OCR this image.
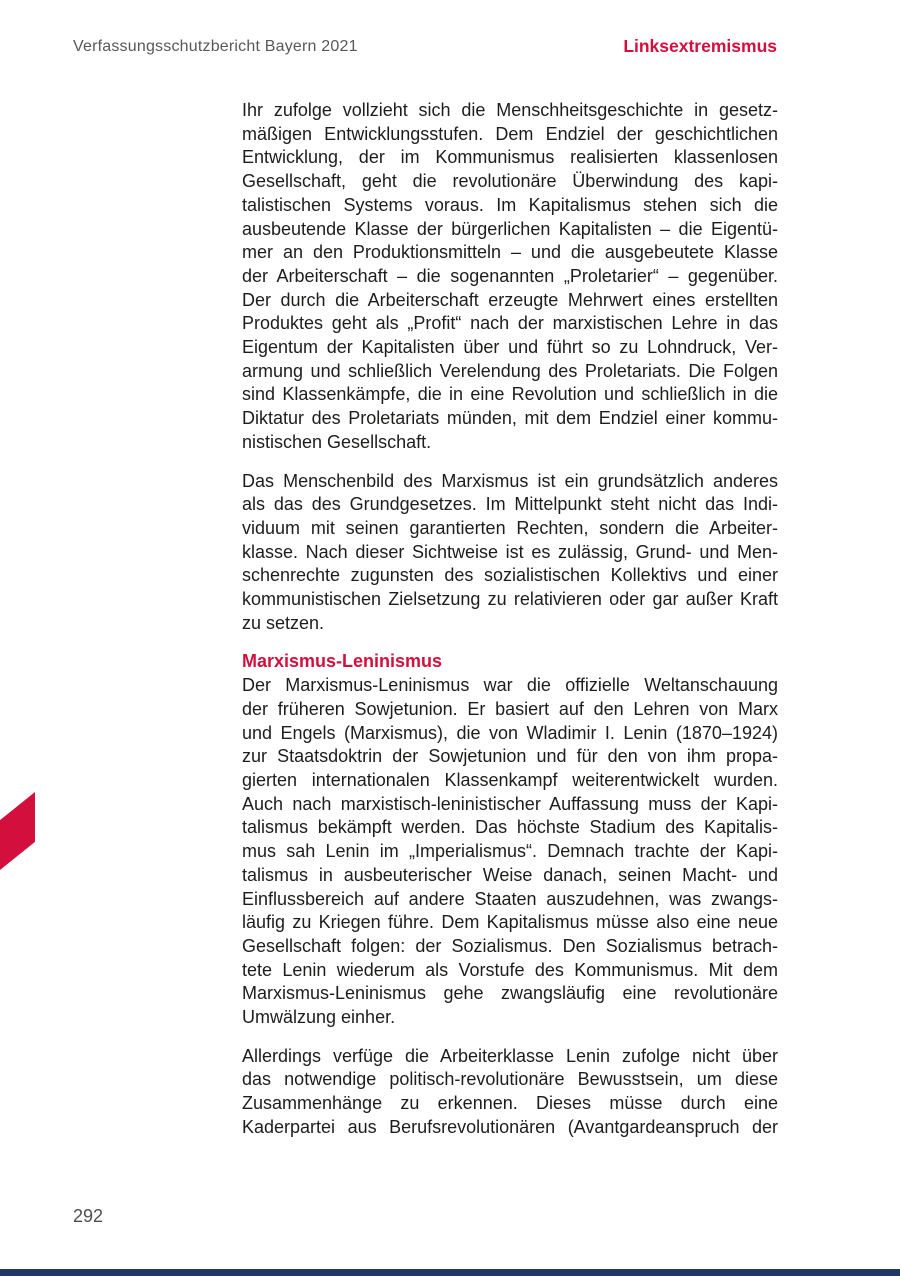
Verfassungsschutzbericht Bayern 2021	Linksextremismus
Ihr zufolge vollzieht sich die Menschheitsgeschichte in gesetz-
mäßigen Entwicklungsstufen. Dem Endziel der geschichtlichen
Entwicklung, der im Kommunismus realisierten klassenlosen
Gesellschaft, geht die revolutionäre Überwindung des kapi-
talistischen Systems voraus. Im Kapitalismus stehen sich die
ausbeutende Klasse der bürgerlichen Kapitalisten – die Eigentü-
mer an den Produktionsmitteln – und die ausgebeutete Klasse
der Arbeiterschaft – die sogenannten „Proletarier“ – gegenüber.
Der durch die Arbeiterschaft erzeugte Mehrwert eines erstellten
Produktes geht als „Profit“ nach der marxistischen Lehre in das
Eigentum der Kapitalisten über und führt so zu Lohndruck, Ver-
armung und schließlich Verelendung des Proletariats. Die Folgen
sind Klassenkämpfe, die in eine Revolution und schließlich in die
Diktatur des Proletariats münden, mit dem Endziel einer kommu-
nistischen Gesellschaft.
Das Menschenbild des Marxismus ist ein grundsätzlich anderes
als das des Grundgesetzes. Im Mittelpunkt steht nicht das Indi-
viduum mit seinen garantierten Rechten, sondern die Arbeiter-
klasse. Nach dieser Sichtweise ist es zulässig, Grund- und Men-
schenrechte zugunsten des sozialistischen Kollektivs und einer
kommunistischen Zielsetzung zu relativieren oder gar außer Kraft
zu setzen.
Marxismus-Leninismus
Der Marxismus-Leninismus war die offizielle Weltanschauung
der früheren Sowjetunion. Er basiert auf den Lehren von Marx
und Engels (Marxismus), die von Wladimir I. Lenin (1870–1924)
zur Staatsdoktrin der Sowjetunion und für den von ihm propa-
gierten internationalen Klassenkampf weiterentwickelt wurden.
Auch nach marxistisch-leninistischer Auffassung muss der Kapi-
talismus bekämpft werden. Das höchste Stadium des Kapitalis-
mus sah Lenin im „Imperialismus“. Demnach trachte der Kapi-
talismus in ausbeuterischer Weise danach, seinen Macht- und
Einflussbereich auf andere Staaten auszudehnen, was zwangs-
läufig zu Kriegen führe. Dem Kapitalismus müsse also eine neue
Gesellschaft folgen: der Sozialismus. Den Sozialismus betrach-
tete Lenin wiederum als Vorstufe des Kommunismus. Mit dem
Marxismus-Leninismus gehe zwangsläufig eine revolutionäre
Umwälzung einher.
Allerdings verfüge die Arbeiterklasse Lenin zufolge nicht über
das notwendige politisch-revolutionäre Bewusstsein, um diese
Zusammenhänge zu erkennen. Dieses müsse durch eine
Kaderpartei aus Berufsrevolutionären (Avantgardeanspruch der
292
